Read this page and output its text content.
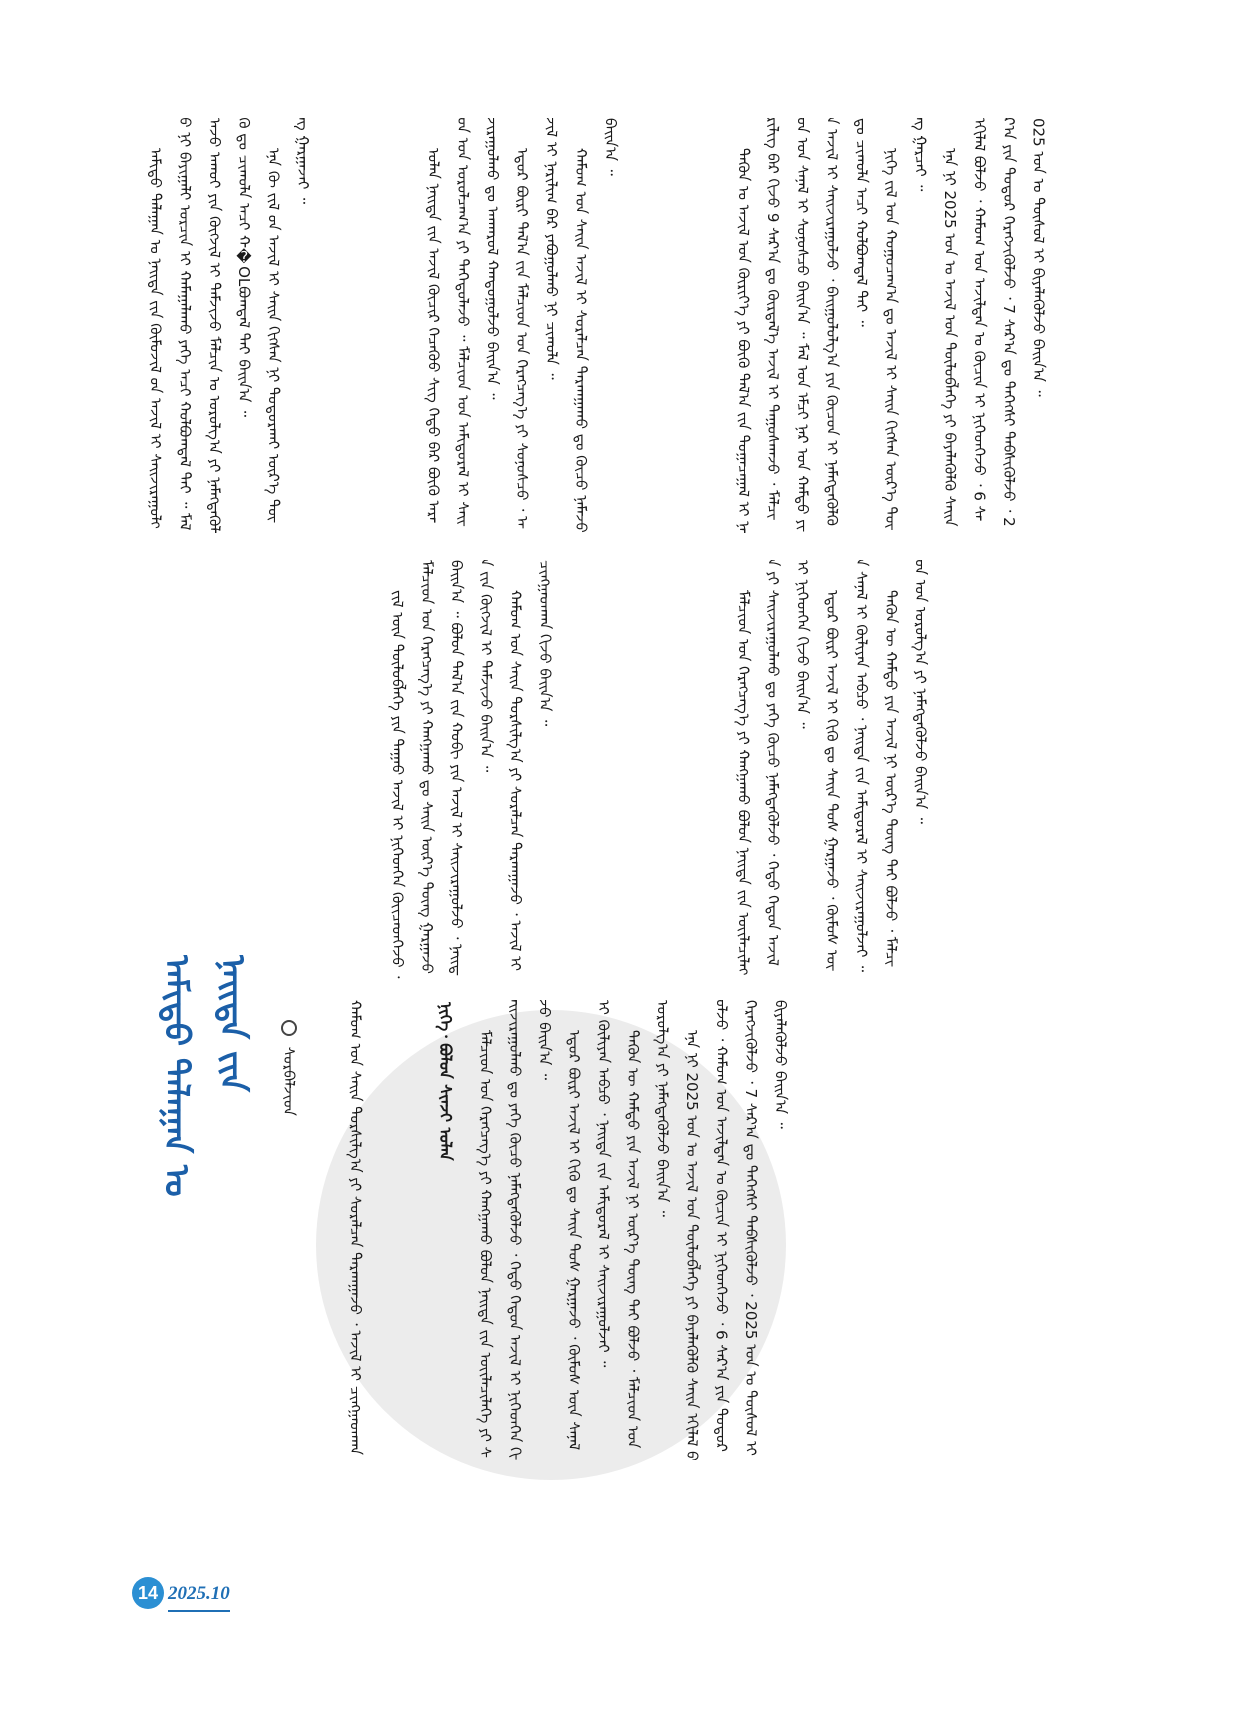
ᠠᠮᠢᠳᠤ ᠲᠠᠯᠠᠭᠠᠨ ᠤ ᠨᠡᠢᠲᠡ ᠵᠢᠨ ᠬᠥᠮᠦᠵᠢᠯ ᠤ᠋ᠨ ᠠᠵᠢᠯ ᠢ ᠰᠠᠢᠵᠢᠷᠠᠭᠤᠯᠬᠤ ᠨᠢ ᠪᠠᠶᠢᠭᠠᠯᠢ ᠤᠷᠴᠢᠨ ᠢ ᠬᠠᠮᠠᠭᠠᠯᠠᠬᠤ ᠶᠡᠬᠡ ᠠᠴᠢ ᠬᠣᠯᠪᠣᠭᠳᠠᠯ ᠲᠠᠢ ᠃ ᠮᠠᠯ ᠠᠵᠤ ᠠᠬᠤᠢ ᠶᠢᠨ ᠬᠥᠭᠵᠢᠯ ᠢ ᠳᠡᠮᠵᠢᠵᠦ ᠮᠠᠯᠴᠢᠨ ᠤ ᠣᠷᠣᠯᠭ᠎ᠠ ᠶᠢ ᠨᠡᠮᠡᠭᠳᠡᠭᠦᠯᠬᠦ ᠳᠤ ᠴᠢᠬᠤᠯᠠ ᠠᠴᠢ ᠬ�OLᠪᠣᠭᠳᠠᠯ ᠲᠠᠢ ᠪᠠᠢᠨ᠎ᠠ ᠃ ᠡᠨᠡ ᠬᠦ ᠵᠢᠯ ᠤ᠋ᠨ ᠠᠵᠢᠯ ᠢ ᠰᠠᠢᠨ ᠬᠢᠭᠰᠡᠨ ᠨᠢ ᠲᠣᠳᠣᠷᠬᠠᠢ ᠦᠷ᠎ᠡ ᠳᠦᠩ ᠭᠠᠷᠭᠠᠵᠠᠢ ᠃	ᠣᠯᠠᠨ ᠨᠡᠢᠲᠡ ᠵᠢᠨ ᠠᠵᠢᠯ ᠬᠦᠴᠢᠷ ᠬᠡᠴᠡᠭᠦᠦ ᠰᠢᠭ ᠬᠡᠳᠦ ᠪᠡᠷ ᠪᠦᠬᠦ ᠠᠷᠠᠳ ᠤᠨ ᠣᠷᠣᠯᠴᠠᠭ᠎ᠠ ᠶᠢ ᠳᠡᠭᠡᠳᠦᠯᠡᠵᠦ ᠃ ᠮᠠᠯᠴᠢᠳ ᠤᠨ ᠠᠮᠢᠳᠤᠷᠠᠯ ᠢ ᠰᠠᠢᠵᠢᠷᠠᠭᠤᠯᠬᠤ ᠳᠤ ᠠᠨᠬᠠᠷᠤᠯ ᠬᠠᠨᠳᠤᠭᠤᠯᠵᠤ ᠪᠠᠢᠨ᠎ᠠ ᠃ ᠡᠳᠦᠷ ᠪᠦᠷᠢ ᠲᠠᠯ᠎ᠠ ᠵᠢᠨ ᠮᠠᠯᠴᠢᠳ ᠤᠨ ᠬᠡᠷᠡᠭᠴᠡᠭ᠎ᠡ ᠶᠢ ᠰᠣᠨᠣᠰᠴᠤ ᠂ ᠠᠵᠢᠯ ᠢ ᠨᠠᠷᠢᠯᠢᠭ ᠪᠡᠷ ᠶᠠᠪᠤᠭᠤᠯᠬᠤ ᠨᠢ ᠴᠢᠬᠤᠯᠠ ᠃ ᠬᠠᠮᠤᠭ ᠤᠨ ᠰᠠᠢᠨ ᠠᠵᠢᠯ ᠢ ᠰᠤᠷᠠᠯᠴᠠᠨ ᠲᠠᠷᠬᠠᠭᠠᠬᠤ ᠳᠤ ᠬᠦᠴᠦ ᠨᠡᠮᠡᠵᠦ ᠪᠠᠢᠨ᠎ᠠ ᠃

ᠲᠡᠭᠦᠨ ᠤ ᠠᠵᠢᠯ ᠤᠨ ᠬᠦᠷᠢᠶ᠎ᠡ ᠶᠢ ᠪᠦᠬᠦ ᠲᠠᠯ᠎ᠠ ᠵᠢᠨ ᠲᠣᠭᠠᠴᠠᠭᠠᠯ ᠢ ᠨᠠᠷᠢᠯᠢᠭ ᠪᠡᠷ ᠬᠢᠵᠦ 9 ᠰᠠᠷ᠎ᠠ ᠳᠤ ᠬᠦᠷᠲᠡᠯ᠎ᠡ ᠠᠵᠢᠯ ᠢ ᠳᠠᠭᠤᠰᠬᠠᠵᠤ ᠂ ᠮᠠᠯᠴᠢᠳ ᠤᠨ ᠰᠠᠨᠠᠯ ᠢ ᠰᠣᠨᠣᠰᠴᠤ ᠪᠠᠢᠨ᠎ᠠ ᠃ ᠮᠠᠯ ᠤᠨ ᠡᠮᠴᠢ ᠨᠠᠷ ᠤᠨ ᠬᠠᠮᠲᠤ ᠶᠢᠨ ᠠᠵᠢᠯ ᠢ ᠰᠠᠢᠵᠢᠷᠠᠭᠤᠯᠵᠤ ᠂ ᠪᠠᠢᠭᠤᠯᠤᠯᠭ᠎ᠠ ᠶᠢᠨ ᠬᠦᠴᠦᠨ ᠢ ᠨᠡᠮᠡᠭᠳᠡᠭᠦᠯᠬᠦ ᠳᠤ ᠴᠢᠬᠤᠯᠠ ᠠᠴᠢ ᠬᠣᠯᠪᠣᠭᠳᠠᠯ ᠲᠠᠢ ᠃ ᠨᠢᠭᠡ ᠵᠢᠯ ᠤᠨ ᠬᠤᠭᠤᠴᠠᠭ᠎ᠠ ᠳᠤ ᠠᠵᠢᠯ ᠢ ᠰᠠᠢᠨ ᠬᠢᠭᠰᠡᠨ ᠦᠷ᠎ᠡ ᠳᠦᠩ ᠭᠠᠷᠴᠠᠢ ᠃ ᠡᠨᠡ ᠨᠢ 2025 ᠣᠨ ᠤ ᠠᠵᠢᠯ ᠤᠨ ᠲᠥᠯᠦᠪᠯᠡᠭᠡ ᠶᠢ ᠪᠡᠶᠡᠯᠡᠭᠦᠯᠬᠦ ᠰᠠᠢᠨ ᠡᠬᠢᠯᠡᠯ ᠪᠣᠯᠵᠤ ᠂ ᠬᠠᠮᠤᠭ ᠤᠨ ᠠᠵᠢᠯᠲᠠᠨ ᠤ ᠬᠦᠴᠢᠨ ᠢ ᠨᠢᠭᠡᠳᠬᠡᠵᠦ ᠂ 6 ᠰᠠᠷ᠎ᠠ ᠶᠢᠨ ᠳᠤᠲᠤᠷ ᠬᠡᠷᠡᠭᠵᠢᠭᠦᠯᠵᠦ ᠂ 7 ᠰᠠᠷ᠎ᠠ ᠳᠤ ᠳᠡᠭᠡᠭᠰᠢ ᠳᠡᠪᠰᠢᠭᠦᠯᠵᠦ ᠂ 2025 ᠣᠨ ᠤ ᠲᠥᠰᠥᠯ ᠢ ᠪᠢᠶᠡᠯᠡᠭᠦᠯᠵᠦ ᠪᠠᠢᠨ᠎ᠠ ᠃

ᠮᠠᠯᠴᠢᠳ ᠤᠨ ᠬᠡᠷᠡᠭᠴᠡᠭ᠎ᠡ ᠶᠢ ᠬᠠᠩᠭᠠᠬᠤ ᠪᠣᠯᠣᠨ ᠨᠡᠢᠲᠡ ᠵᠢᠨ ᠦᠢᠯᠡᠴᠢᠯᠡᠭᠡ ᠶᠢ ᠰᠠᠢᠵᠢᠷᠠᠭᠤᠯᠬᠤ ᠳᠤ ᠶᠡᠬᠡ ᠬᠦᠴᠦ ᠨᠡᠮᠡᠭᠳᠡᠭᠦᠯᠵᠦ ᠂ ᠬᠡᠳᠦ ᠬᠡᠳᠦᠨ ᠠᠵᠢᠯ ᠢ ᠨᠢᠭᠡᠳᠬᠡᠨ ᠬᠢᠵᠦ ᠪᠠᠢᠨ᠎ᠠ ᠃ ᠡᠳᠦᠷ ᠪᠦᠷᠢ ᠠᠵᠢᠯ ᠢ ᠬᠢᠬᠦ ᠳᠤ ᠰᠠᠢᠨ ᠲᠣᠰ ᠭᠠᠷᠭᠠᠵᠤ ᠂ ᠬᠦᠮᠦᠰ ᠦᠨ ᠰᠠᠨᠠᠯ ᠢ ᠬᠦᠯᠢᠶᠡᠨ ᠠᠪᠴᠤ ᠂ ᠨᠡᠢᠲᠡ ᠵᠢᠨ ᠠᠮᠢᠳᠤᠷᠠᠯ ᠢ ᠰᠠᠢᠵᠢᠷᠠᠭᠤᠯᠵᠠᠢ ᠃ ᠲᠡᠭᠦᠨ ᠦ ᠬᠠᠮᠲᠤ ᠶᠢᠨ ᠠᠵᠢᠯ ᠨᠢ ᠦᠷ᠎ᠡ ᠳᠦᠩ ᠲᠠᠢ ᠪᠣᠯᠵᠤ ᠂ ᠮᠠᠯᠴᠢᠳ ᠤᠨ ᠣᠷᠣᠯᠭ᠎ᠠ ᠶᠢ ᠨᠡᠮᠡᠭᠳᠡᠭᠦᠯᠵᠦ ᠪᠠᠢᠨ᠎ᠠ ᠃

ᠵᠢᠯ ᠦᠨ ᠲᠥᠯᠦᠪᠯᠡᠭᠡ ᠶᠢᠨ ᠳᠠᠭᠠᠤ ᠠᠵᠢᠯ ᠢ ᠨᠢᠭᠡᠳᠬᠡᠨ ᠭᠦᠢᠴᠡᠳᠬᠡᠵᠦ ᠂ ᠮᠠᠯᠴᠢᠳ ᠤᠨ ᠬᠡᠷᠡᠭᠴᠡᠭ᠎ᠡ ᠶᠢ ᠬᠠᠩᠭᠠᠬᠤ ᠳᠤ ᠰᠠᠢᠨ ᠦᠷ᠎ᠡ ᠳᠦᠩ ᠭᠠᠷᠭᠠᠵᠤ ᠪᠠᠢᠨ᠎ᠠ ᠃ ᠪᠣᠯᠣᠨ ᠲᠠᠯ᠎ᠠ ᠵᠢᠨ ᠬᠣᠪᠢ ᠶᠢᠨ ᠠᠵᠢᠯ ᠢ ᠰᠠᠢᠵᠢᠷᠠᠭᠤᠯᠵᠤ ᠂ ᠨᠡᠢᠲᠡ ᠵᠢᠨ ᠬᠥᠭᠵᠢᠯ ᠢ ᠳᠡᠮᠵᠢᠵᠦ ᠪᠠᠢᠨ᠎ᠠ ᠃ ᠬᠠᠮᠤᠭ ᠤᠨ ᠰᠠᠢᠨ ᠲᠤᠷᠰᠢᠯᠭ᠎ᠠ ᠶᠢ ᠰᠤᠷᠠᠯᠴᠠᠨ ᠲᠠᠷᠬᠠᠭᠠᠵᠤ ᠂ ᠠᠵᠢᠯ ᠢ ᠴᠢᠩᠭᠠᠳᠬᠠᠨ ᠬᠢᠵᠦ ᠪᠠᠢᠨ᠎ᠠ ᠃

ᠬᠠᠮᠤᠭ ᠤᠨ ᠰᠠᠢᠨ ᠲᠤᠷᠰᠢᠯᠭ᠎ᠠ ᠶᠢ ᠰᠤᠷᠠᠯᠴᠠᠨ ᠲᠠᠷᠬᠠᠭᠠᠵᠤ ᠂ ᠠᠵᠢᠯ ᠢ ᠴᠢᠩᠭᠠᠳᠬᠠᠨ	ᠮᠠᠯᠴᠢᠳ ᠤᠨ ᠬᠡᠷᠡᠭᠴᠡᠭ᠎ᠡ ᠶᠢ ᠬᠠᠩᠭᠠᠬᠤ ᠪᠣᠯᠣᠨ ᠨᠡᠢᠲᠡ ᠵᠢᠨ ᠦᠢᠯᠡᠴᠢᠯᠡᠭᠡ ᠶᠢ ᠰᠠᠢᠵᠢᠷᠠᠭᠤᠯᠬᠤ ᠳᠤ ᠶᠡᠬᠡ ᠬᠦᠴᠦ ᠨᠡᠮᠡᠭᠳᠡᠭᠦᠯᠵᠦ ᠂ ᠬᠡᠳᠦ ᠬᠡᠳᠦᠨ ᠠᠵᠢᠯ ᠢ ᠨᠢᠭᠡᠳᠬᠡᠨ ᠬᠢᠵᠦ ᠪᠠᠢᠨ᠎ᠠ ᠃ ᠡᠳᠦᠷ ᠪᠦᠷᠢ ᠠᠵᠢᠯ ᠢ ᠬᠢᠬᠦ ᠳᠤ ᠰᠠᠢᠨ ᠲᠣᠰ ᠭᠠᠷᠭᠠᠵᠤ ᠂ ᠬᠦᠮᠦᠰ ᠦᠨ ᠰᠠᠨᠠᠯ ᠢ ᠬᠦᠯᠢᠶᠡᠨ ᠠᠪᠴᠤ ᠂ ᠨᠡᠢᠲᠡ ᠵᠢᠨ ᠠᠮᠢᠳᠤᠷᠠᠯ ᠢ ᠰᠠᠢᠵᠢᠷᠠᠭᠤᠯᠵᠠᠢ ᠃ ᠲᠡᠭᠦᠨ ᠦ ᠬᠠᠮᠲᠤ ᠶᠢᠨ ᠠᠵᠢᠯ ᠨᠢ ᠦᠷ᠎ᠡ ᠳᠦᠩ ᠲᠠᠢ ᠪᠣᠯᠵᠤ ᠂ ᠮᠠᠯᠴᠢᠳ ᠤᠨ ᠣᠷᠣᠯᠭ᠎ᠠ ᠶᠢ ᠨᠡᠮᠡᠭᠳᠡᠭᠦᠯᠵᠦ ᠪᠠᠢᠨ᠎ᠠ ᠃ ᠡᠨᠡ ᠨᠢ 2025 ᠣᠨ ᠤ ᠠᠵᠢᠯ ᠤᠨ ᠲᠥᠯᠦᠪᠯᠡᠭᠡ ᠶᠢ ᠪᠡᠶᠡᠯᠡᠭᠦᠯᠬᠦ ᠰᠠᠢᠨ ᠡᠬᠢᠯᠡᠯ ᠪᠣᠯᠵᠤ ᠂ ᠬᠠᠮᠤᠭ ᠤᠨ ᠠᠵᠢᠯᠲᠠᠨ ᠤ ᠬᠦᠴᠢᠨ ᠢ ᠨᠢᠭᠡᠳᠬᠡᠵᠦ ᠂ 6 ᠰᠠᠷ᠎ᠠ ᠶᠢᠨ ᠳᠤᠲᠤᠷ ᠬᠡᠷᠡᠭᠵᠢᠭᠦᠯᠵᠦ ᠂ 7 ᠰᠠᠷ᠎ᠠ ᠳᠤ ᠳᠡᠭᠡᠭᠰᠢ ᠳᠡᠪᠰᠢᠭᠦᠯᠵᠦ ᠂ 2025 ᠣᠨ ᠤ ᠲᠥᠰᠥᠯ ᠢ ᠪᠢᠶᠡᠯᠡᠭᠦᠯᠵᠦ ᠪᠠᠢᠨ᠎ᠠ ᠃

ᠠᠮᠢᠳᠤ ᠲᠠᠯᠠᠭᠠᠨ ᠤ ᠨᠡᠢᠲᠡ ᠵᠢᠨ	ᠰᠤᠷᠪᠠᠯᠵᠢᠳ
ᠨᠢᠭᠡ᠂ ᠪᠤᠯᠤᠨ ᠰᠢᠨᠵᠢ ᠤᠯᠠᠨ
14 2025.10
